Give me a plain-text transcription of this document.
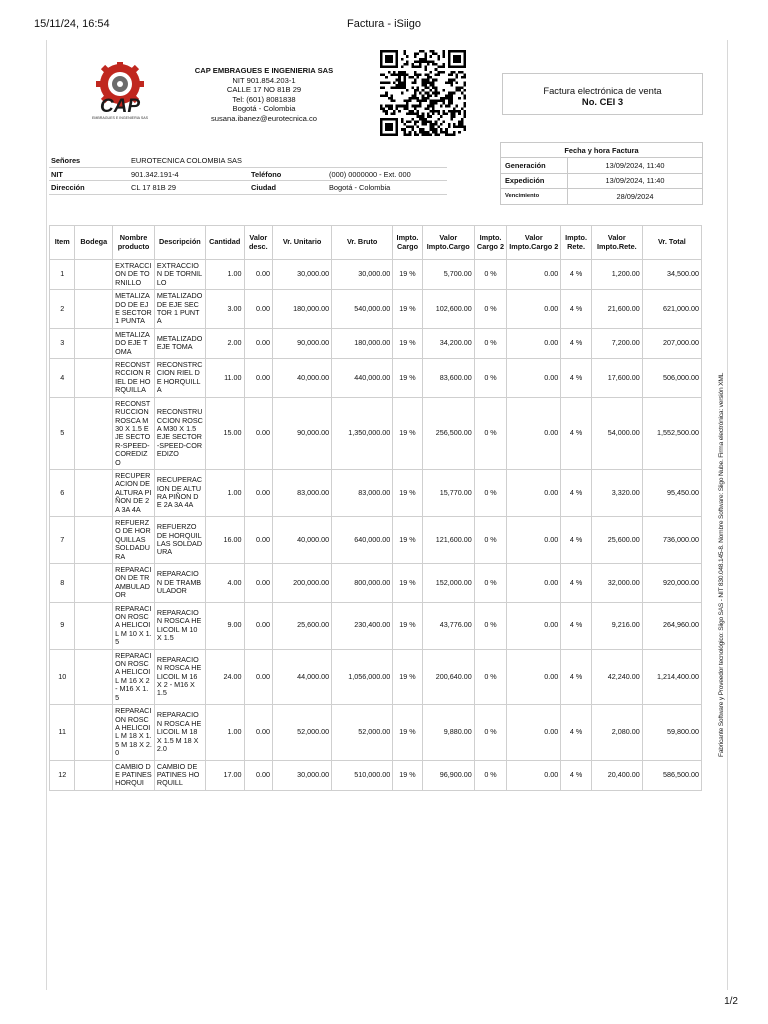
15/11/24, 16:54	Factura - iSiigo
CAP
EMBRAGUES E INGENIERIA SAS
CAP EMBRAGUES E INGENIERIA SAS
NIT 901.854.203-1
CALLE 17 NO 81B 29
Tel: (601) 8081838
Bogotá - Colombia
susana.ibanez@eurotecnica.co
Factura electrónica de venta
No. CEI 3
Fabricante Software y Proveedor tecnológico: Siigo SAS - NIT 830.048.145-8. Nombre Software: Siigo Nube. Firma electrónica: versión XML
Señores	EUROTECNICA COLOMBIA SAS		
NIT	901.342.191-4	Teléfono	(000) 0000000 - Ext. 000
Dirección	CL 17 81B 29	Ciudad	Bogotá - Colombia
Fecha y hora Factura	
Generación	13/09/2024, 11:40
Expedición	13/09/2024, 11:40
Vencimiento	28/09/2024
Item	Bodega	Nombre producto	Descripción	Cantidad	Valor desc.	Vr. Unitario	Vr. Bruto	Impto. Cargo	Valor Impto.Cargo	Impto. Cargo 2	Valor Impto.Cargo 2	Impto. Rete.	Valor Impto.Rete.	Vr. Total
1		EXTRACCION DE TORNILLO	EXTRACCION DE TORNILLO	1.00	0.00	30,000.00	30,000.00	19 %	5,700.00	0 %	0.00	4 %	1,200.00	34,500.00
2		METALIZADO DE EJE SECTOR 1 PUNTA	METALIZADO DE EJE SECTOR 1 PUNTA	3.00	0.00	180,000.00	540,000.00	19 %	102,600.00	0 %	0.00	4 %	21,600.00	621,000.00
3		METALIZADO EJE TOMA	METALIZADO EJE TOMA	2.00	0.00	90,000.00	180,000.00	19 %	34,200.00	0 %	0.00	4 %	7,200.00	207,000.00
4		RECONSTRCCION RIEL DE HORQUILLA	RECONSTRCCION RIEL DE HORQUILLA	11.00	0.00	40,000.00	440,000.00	19 %	83,600.00	0 %	0.00	4 %	17,600.00	506,000.00
5		RECONSTRUCCION ROSCA M30 X 1.5 EJE SECTOR-SPEED-COREDIZO	RECONSTRUCCION ROSCA M30 X 1.5 EJE SECTOR-SPEED-COREDIZO	15.00	0.00	90,000.00	1,350,000.00	19 %	256,500.00	0 %	0.00	4 %	54,000.00	1,552,500.00
6		RECUPERACION DE ALTURA PIÑON DE 2A 3A 4A	RECUPERACION DE ALTURA PIÑON DE 2A 3A 4A	1.00	0.00	83,000.00	83,000.00	19 %	15,770.00	0 %	0.00	4 %	3,320.00	95,450.00
7		REFUERZO DE HORQUILLAS SOLDADURA	REFUERZO DE HORQUILLAS SOLDADURA	16.00	0.00	40,000.00	640,000.00	19 %	121,600.00	0 %	0.00	4 %	25,600.00	736,000.00
8		REPARACION DE TRAMBULADOR	REPARACION DE TRAMBULADOR	4.00	0.00	200,000.00	800,000.00	19 %	152,000.00	0 %	0.00	4 %	32,000.00	920,000.00
9		REPARACION ROSCA HELICOIL M 10 X 1.5	REPARACION ROSCA HELICOIL M 10 X 1.5	9.00	0.00	25,600.00	230,400.00	19 %	43,776.00	0 %	0.00	4 %	9,216.00	264,960.00
10		REPARACION ROSCA HELICOIL M 16 X 2 - M16 X 1.5	REPARACION ROSCA HELICOIL M 16 X 2 - M16 X 1.5	24.00	0.00	44,000.00	1,056,000.00	19 %	200,640.00	0 %	0.00	4 %	42,240.00	1,214,400.00
11		REPARACION ROSCA HELICOIL M 18 X 1.5 M 18 X 2.0	REPARACION ROSCA HELICOIL M 18 X 1.5 M 18 X 2.0	1.00	0.00	52,000.00	52,000.00	19 %	9,880.00	0 %	0.00	4 %	2,080.00	59,800.00
12		CAMBIO DE PATINES HORQUI	CAMBIO DE PATINES HORQUILL	17.00	0.00	30,000.00	510,000.00	19 %	96,900.00	0 %	0.00	4 %	20,400.00	586,500.00
1/2
